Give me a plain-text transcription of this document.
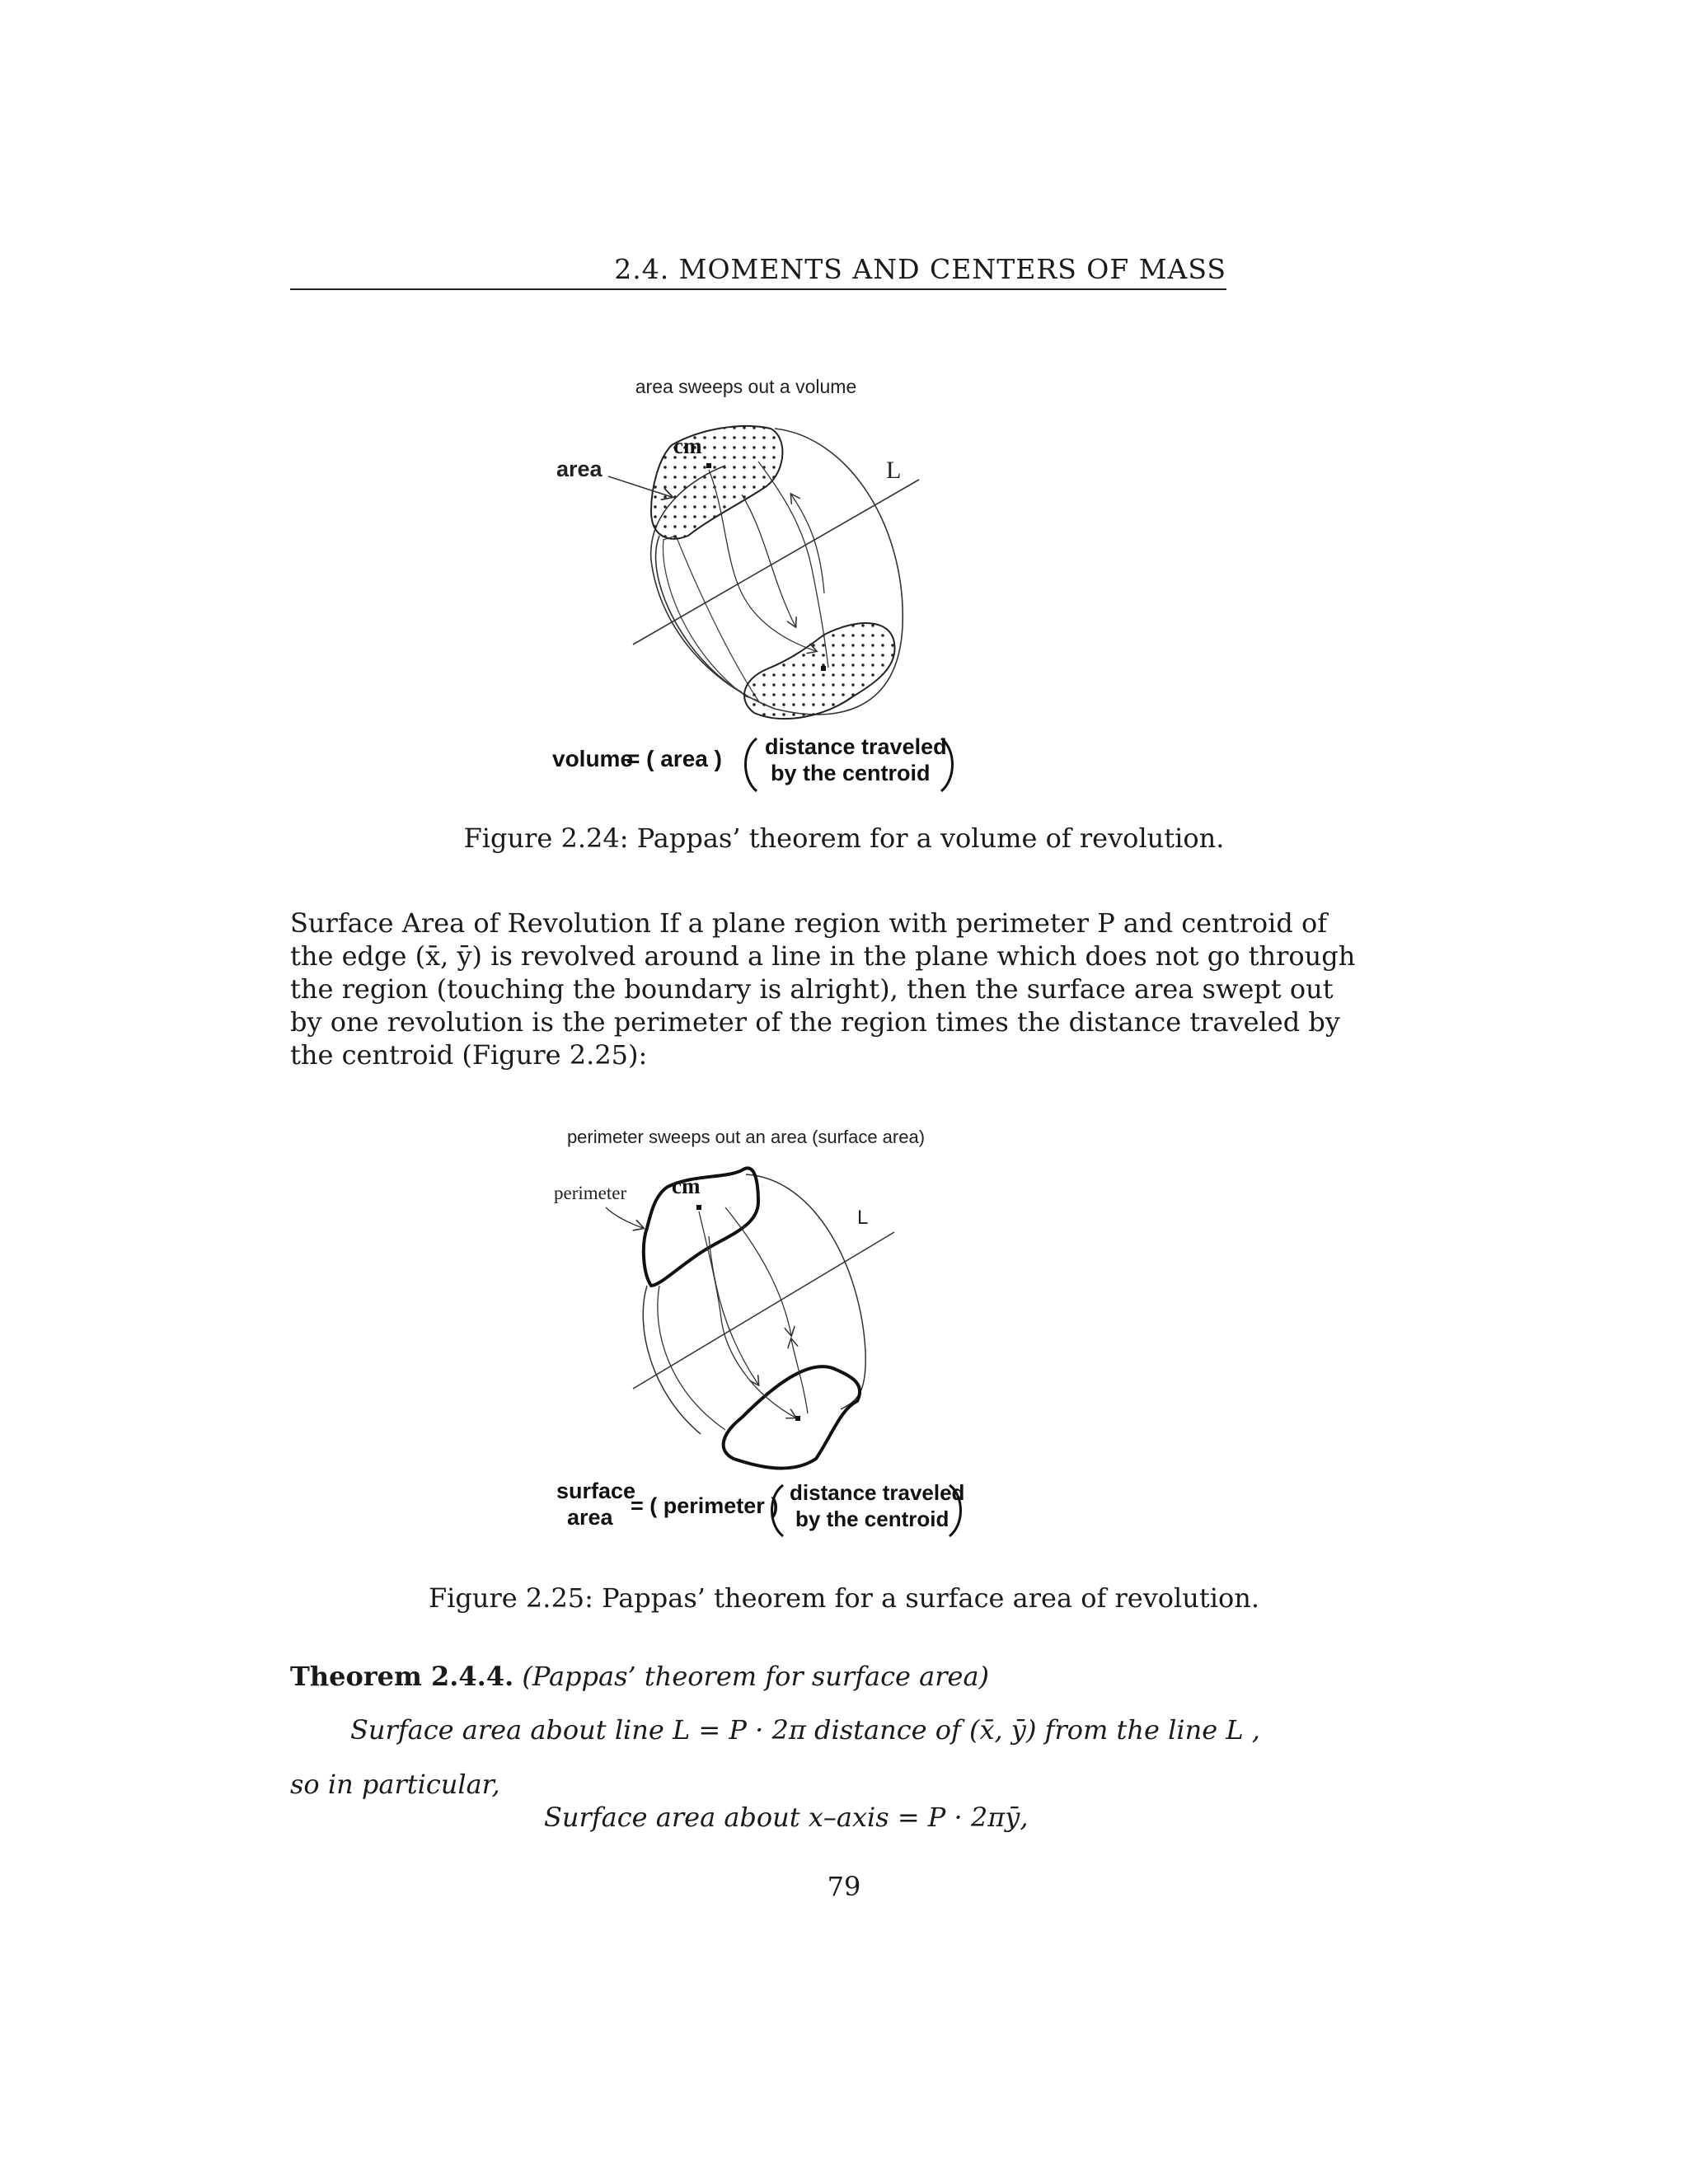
2.4. MOMENTS AND CENTERS OF MASS
area sweeps out a volume
L
area
cm
volume
= ( area ) distance traveled
by the centroid
Figure 2.24: Pappas’ theorem for a volume of revolution.
Surface Area of Revolution If a plane region with perimeter P and centroid of
the edge (x̄, ȳ) is revolved around a line in the plane which does not go through
the region (touching the boundary is alright), then the surface area swept out
by one revolution is the perimeter of the region times the distance traveled by
the centroid (Figure 2.25):
perimeter sweeps out an area (surface area)
L
perimeter cm
surface
area = ( perimeter )
distance traveled
by the centroid
Figure 2.25: Pappas’ theorem for a surface area of revolution.
Theorem 2.4.4. (Pappas’ theorem for surface area)
Surface area about line L = P · 2π distance of (x̄, ȳ) from the line L ,
so in particular,
Surface area about x–axis = P · 2πȳ,
79
